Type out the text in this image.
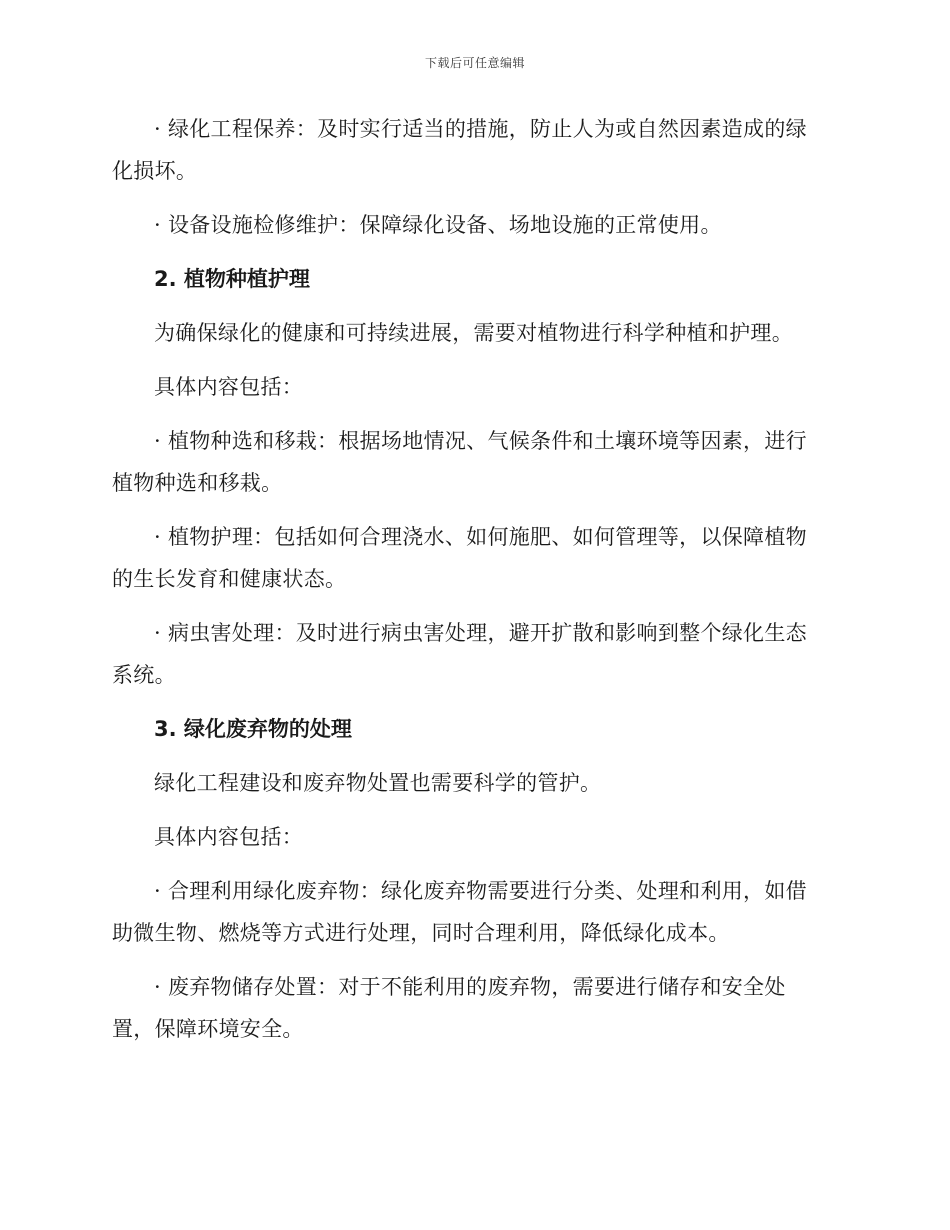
下载后可任意编辑

· 绿化工程保养：及时实行适当的措施，防止人为或自然因素造成的绿化损坏。

· 设备设施检修维护：保障绿化设备、场地设施的正常使用。

2. 植物种植护理

为确保绿化的健康和可持续进展，需要对植物进行科学种植和护理。

具体内容包括：

· 植物种选和移栽：根据场地情况、气候条件和土壤环境等因素，进行植物种选和移栽。

· 植物护理：包括如何合理浇水、如何施肥、如何管理等，以保障植物的生长发育和健康状态。

· 病虫害处理：及时进行病虫害处理，避开扩散和影响到整个绿化生态系统。

3. 绿化废弃物的处理

绿化工程建设和废弃物处置也需要科学的管护。

具体内容包括：

· 合理利用绿化废弃物：绿化废弃物需要进行分类、处理和利用，如借助微生物、燃烧等方式进行处理，同时合理利用，降低绿化成本。

· 废弃物储存处置：对于不能利用的废弃物，需要进行储存和安全处置，保障环境安全。
